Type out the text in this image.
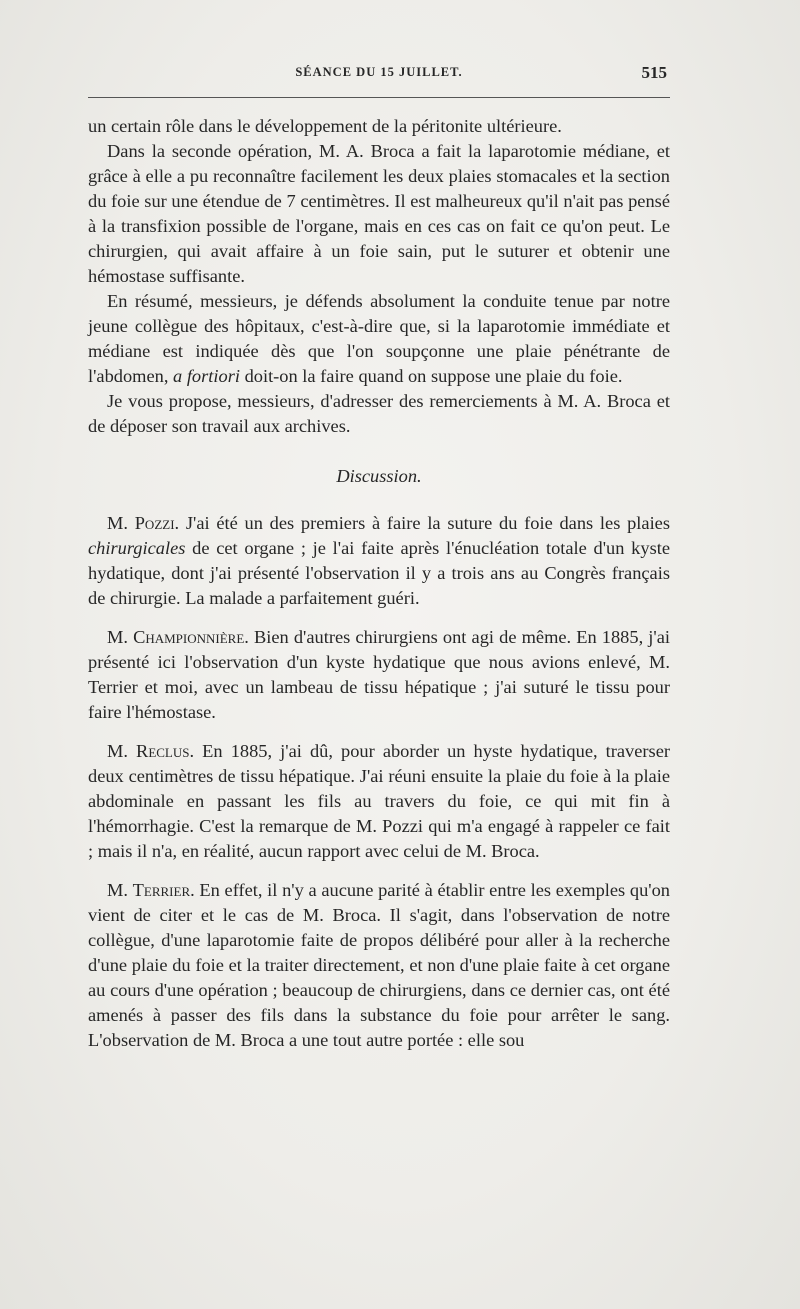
SÉANCE DU 15 JUILLET.	515

un certain rôle dans le développement de la péritonite ultérieure.

Dans la seconde opération, M. A. Broca a fait la laparotomie médiane, et grâce à elle a pu reconnaître facilement les deux plaies stomacales et la section du foie sur une étendue de 7 centimètres. Il est malheureux qu'il n'ait pas pensé à la transfixion possible de l'organe, mais en ces cas on fait ce qu'on peut. Le chirurgien, qui avait affaire à un foie sain, put le suturer et obtenir une hémostase suffisante.

En résumé, messieurs, je défends absolument la conduite tenue par notre jeune collègue des hôpitaux, c'est-à-dire que, si la laparotomie immédiate et médiane est indiquée dès que l'on soupçonne une plaie pénétrante de l'abdomen, a fortiori doit-on la faire quand on suppose une plaie du foie.

Je vous propose, messieurs, d'adresser des remerciements à M. A. Broca et de déposer son travail aux archives.

Discussion.

M. Pozzi. J'ai été un des premiers à faire la suture du foie dans les plaies chirurgicales de cet organe ; je l'ai faite après l'énucléation totale d'un kyste hydatique, dont j'ai présenté l'observation il y a trois ans au Congrès français de chirurgie. La malade a parfaitement guéri.

M. Championnière. Bien d'autres chirurgiens ont agi de même. En 1885, j'ai présenté ici l'observation d'un kyste hydatique que nous avions enlevé, M. Terrier et moi, avec un lambeau de tissu hépatique ; j'ai suturé le tissu pour faire l'hémostase.

M. Reclus. En 1885, j'ai dû, pour aborder un hyste hydatique, traverser deux centimètres de tissu hépatique. J'ai réuni ensuite la plaie du foie à la plaie abdominale en passant les fils au travers du foie, ce qui mit fin à l'hémorrhagie. C'est la remarque de M. Pozzi qui m'a engagé à rappeler ce fait ; mais il n'a, en réalité, aucun rapport avec celui de M. Broca.

M. Terrier. En effet, il n'y a aucune parité à établir entre les exemples qu'on vient de citer et le cas de M. Broca. Il s'agit, dans l'observation de notre collègue, d'une laparotomie faite de propos délibéré pour aller à la recherche d'une plaie du foie et la traiter directement, et non d'une plaie faite à cet organe au cours d'une opération ; beaucoup de chirurgiens, dans ce dernier cas, ont été amenés à passer des fils dans la substance du foie pour arrêter le sang. L'observation de M. Broca a une tout autre portée : elle sou
